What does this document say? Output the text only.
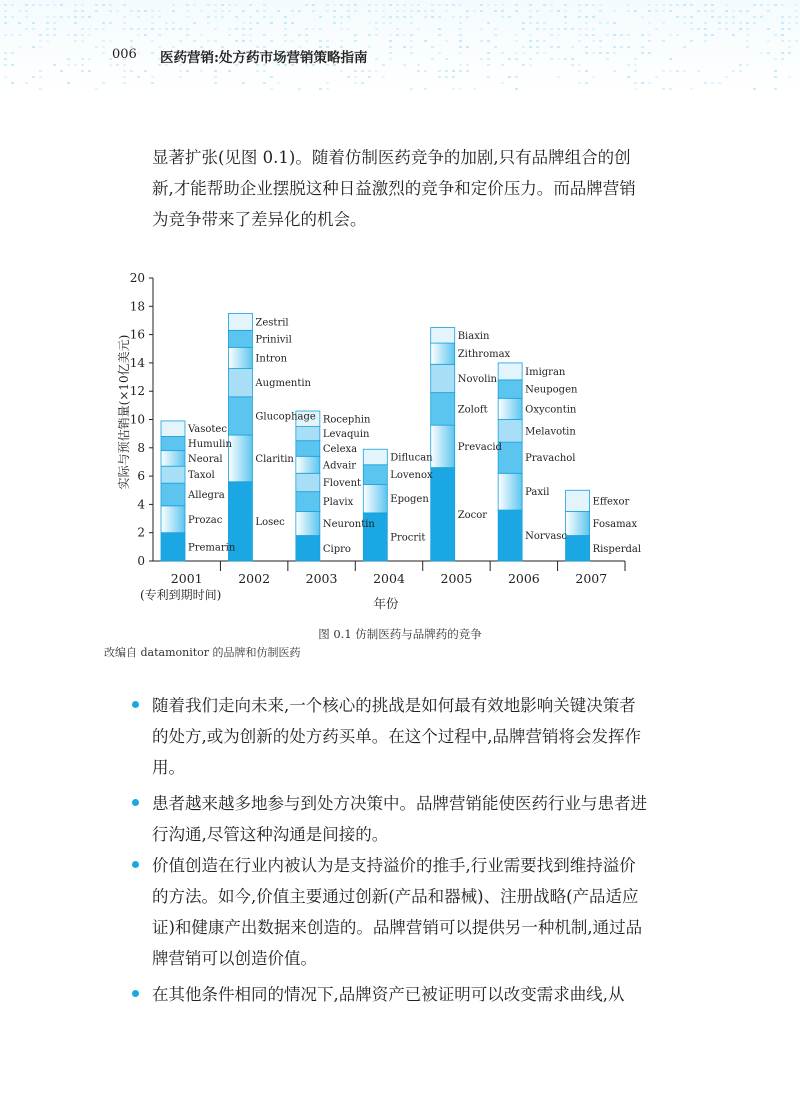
006 医药营销:处方药市场营销策略指南

显著扩张(见图 0.1)。随着仿制医药竞争的加剧,只有品牌组合的创新,才能帮助企业摆脱这种日益激烈的竞争和定价压力。而品牌营销为竞争带来了差异化的机会。

0
2
4
6
8
10
12
14
16
18
20
2001	2002	2003	2004	2005	2006	2007
Premarin
Prozac
Allegra
Taxol
Neoral
Humulin
Vasotec
Losec
Claritin
Glucophage
Augmentin
Intron
Prinivil
Zestril
Cipro
Neurontin
Plavix
Flovent
Advair
Celexa
Levaquin
Rocephin
Procrit
Epogen
Lovenox
Diflucan
Zocor
Prevacid
Zoloft
Novolin
Zithromax
Biaxin
Norvasc
Paxil
Pravachol
Melavotin
Oxycontin
Neupogen
Imigran
Risperdal
Fosamax
Effexor
实际与预估销量(×10亿美元)
(专利到期时间)
年份
图 0.1 仿制医药与品牌药的竞争
改编自 datamonitor 的品牌和仿制医药
随着我们走向未来,一个核心的挑战是如何最有效地影响关键决策者的处方,或为创新的处方药买单。在这个过程中,品牌营销将会发挥作用。
患者越来越多地参与到处方决策中。品牌营销能使医药行业与患者进行沟通,尽管这种沟通是间接的。
价值创造在行业内被认为是支持溢价的推手,行业需要找到维持溢价的方法。如今,价值主要通过创新(产品和器械)、注册战略(产品适应证)和健康产出数据来创造的。品牌营销可以提供另一种机制,通过品牌营销可以创造价值。
在其他条件相同的情况下,品牌资产已被证明可以改变需求曲线,从
